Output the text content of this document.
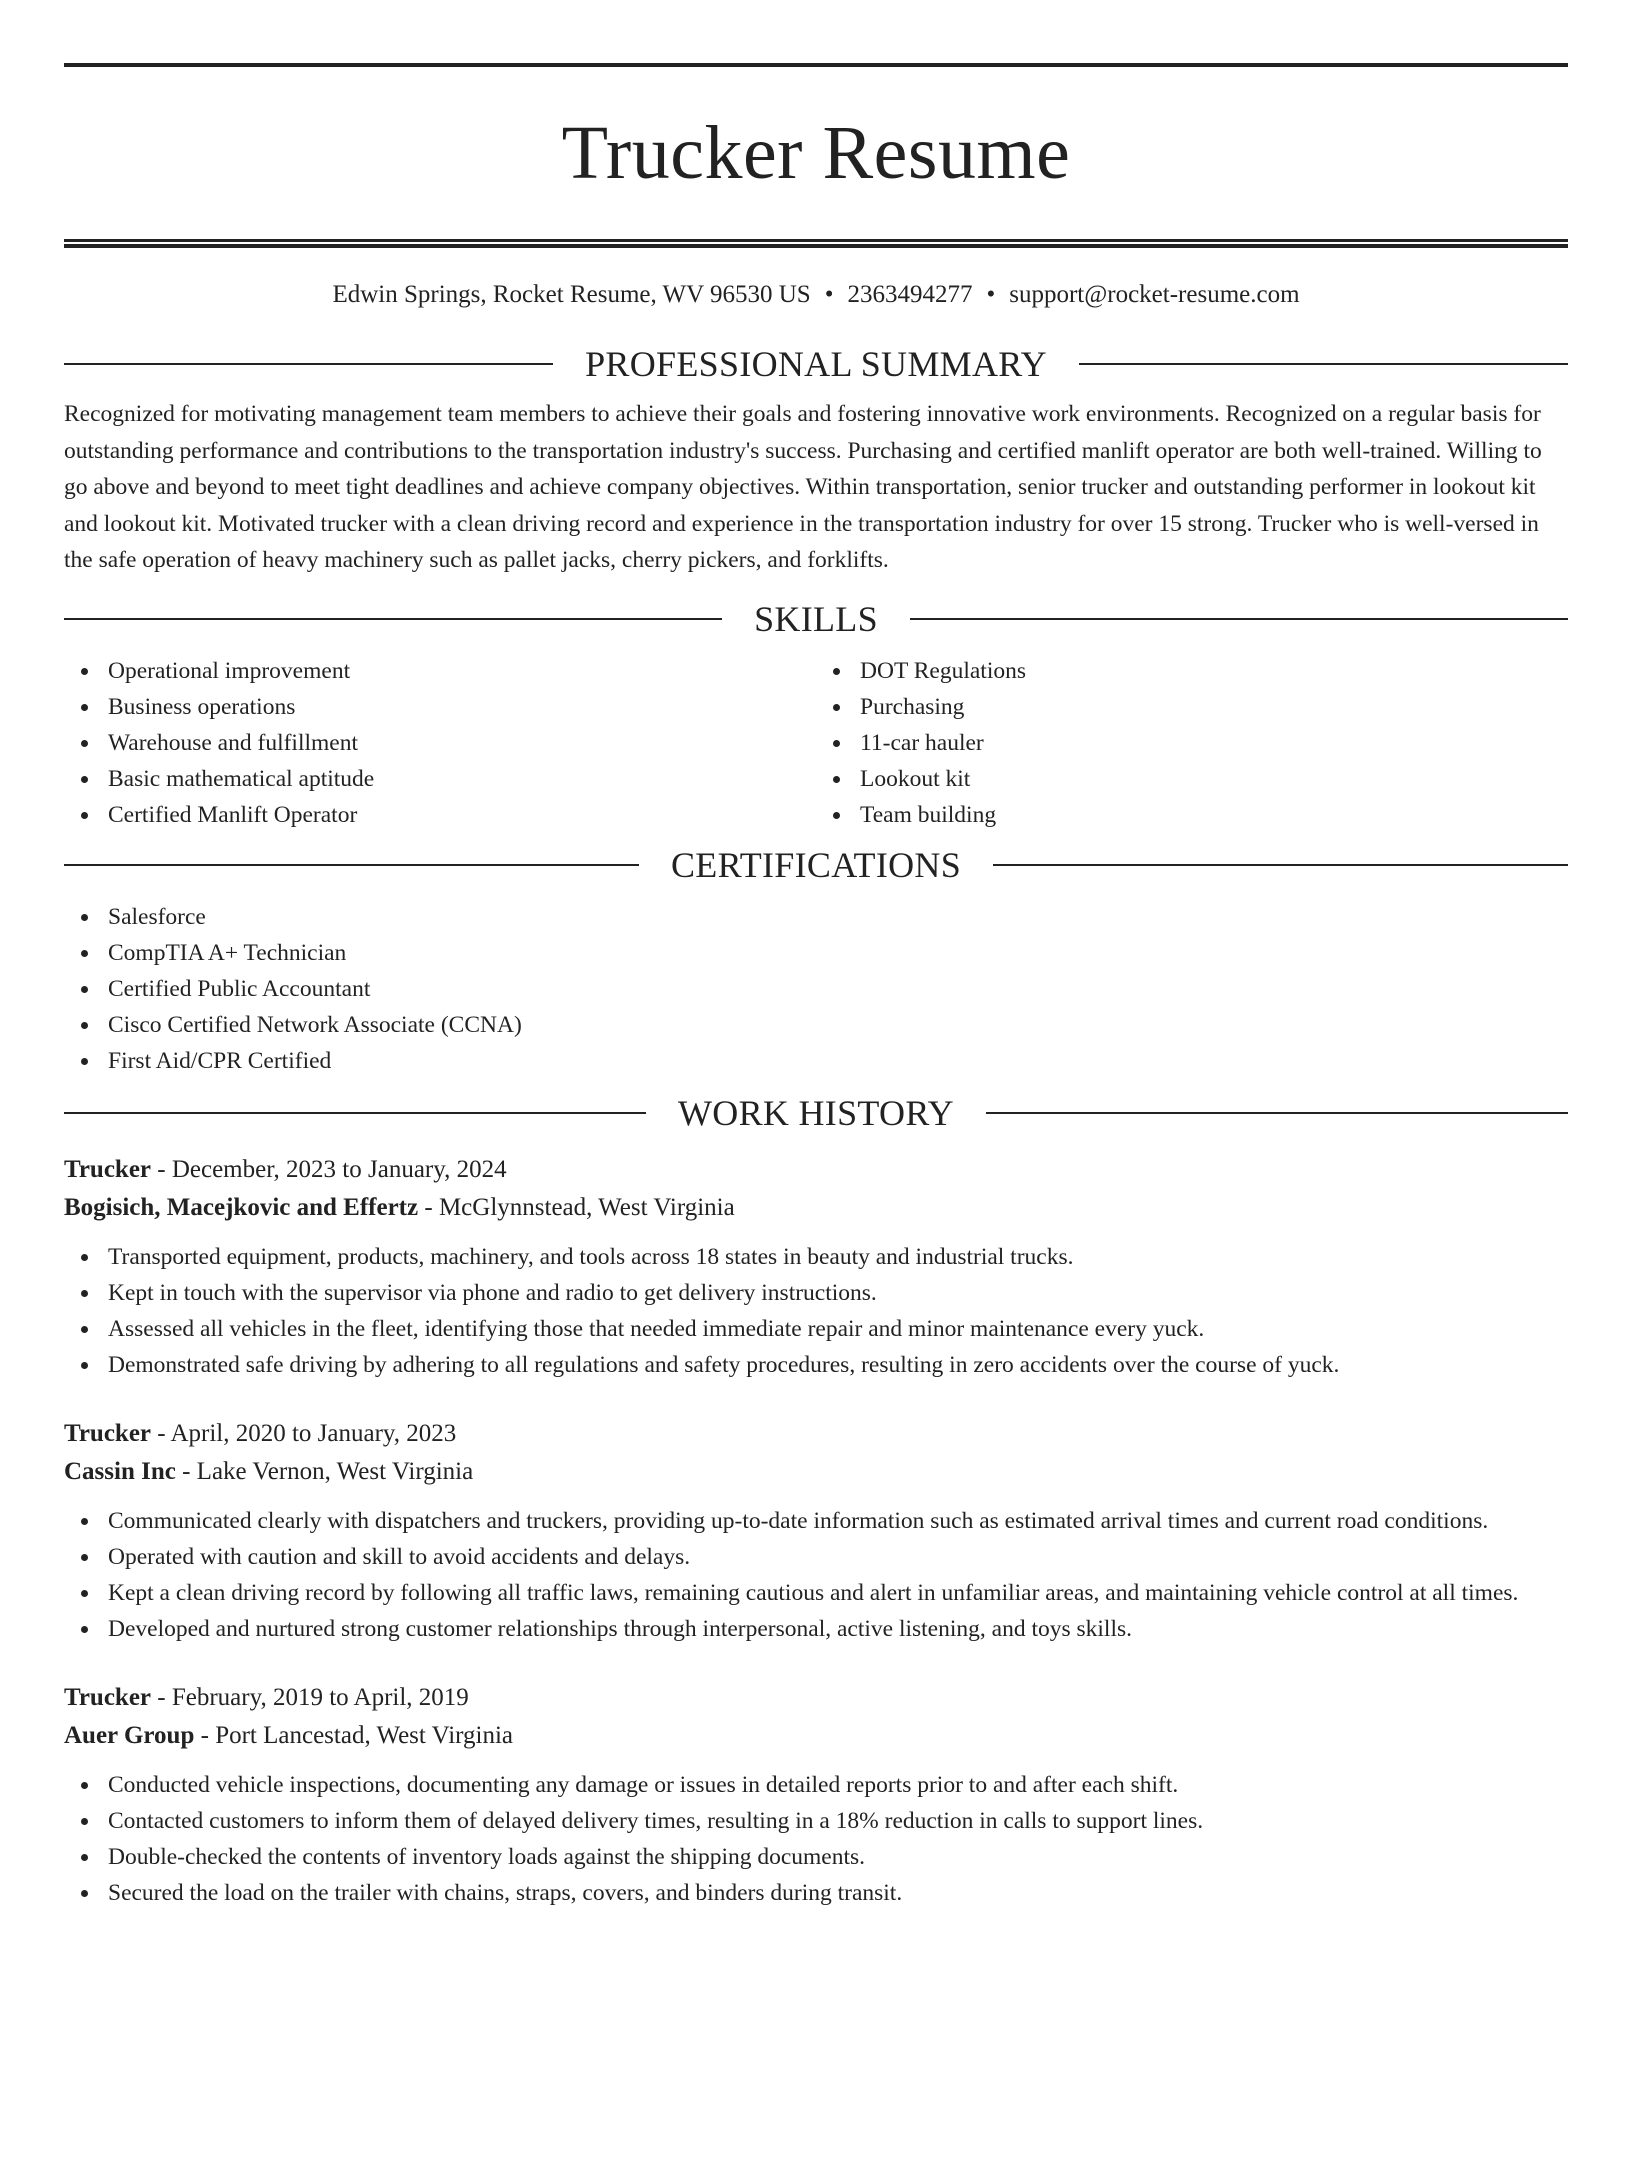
Trucker Resume
Edwin Springs, Rocket Resume, WV 96530 US • 2363494277 • support@rocket-resume.com
PROFESSIONAL SUMMARY

Recognized for motivating management team members to achieve their goals and fostering innovative work environments. Recognized on a regular basis for outstanding performance and contributions to the transportation industry's success. Purchasing and certified manlift operator are both well-trained. Willing to go above and beyond to meet tight deadlines and achieve company objectives. Within transportation, senior trucker and outstanding performer in lookout kit and lookout kit. Motivated trucker with a clean driving record and experience in the transportation industry for over 15 strong. Trucker who is well-versed in the safe operation of heavy machinery such as pallet jacks, cherry pickers, and forklifts.

SKILLS
Operational improvement
Business operations
Warehouse and fulfillment
Basic mathematical aptitude
Certified Manlift Operator
DOT Regulations
Purchasing
11-car hauler
Lookout kit
Team building
CERTIFICATIONS
Salesforce
CompTIA A+ Technician
Certified Public Accountant
Cisco Certified Network Associate (CCNA)
First Aid/CPR Certified
WORK HISTORY
Trucker - December, 2023 to January, 2024
Bogisich, Macejkovic and Effertz - McGlynnstead, West Virginia
Transported equipment, products, machinery, and tools across 18 states in beauty and industrial trucks.
Kept in touch with the supervisor via phone and radio to get delivery instructions.
Assessed all vehicles in the fleet, identifying those that needed immediate repair and minor maintenance every yuck.
Demonstrated safe driving by adhering to all regulations and safety procedures, resulting in zero accidents over the course of yuck.
Trucker - April, 2020 to January, 2023
Cassin Inc - Lake Vernon, West Virginia
Communicated clearly with dispatchers and truckers, providing up-to-date information such as estimated arrival times and current road conditions.
Operated with caution and skill to avoid accidents and delays.
Kept a clean driving record by following all traffic laws, remaining cautious and alert in unfamiliar areas, and maintaining vehicle control at all times.
Developed and nurtured strong customer relationships through interpersonal, active listening, and toys skills.
Trucker - February, 2019 to April, 2019
Auer Group - Port Lancestad, West Virginia
Conducted vehicle inspections, documenting any damage or issues in detailed reports prior to and after each shift.
Contacted customers to inform them of delayed delivery times, resulting in a 18% reduction in calls to support lines.
Double-checked the contents of inventory loads against the shipping documents.
Secured the load on the trailer with chains, straps, covers, and binders during transit.
